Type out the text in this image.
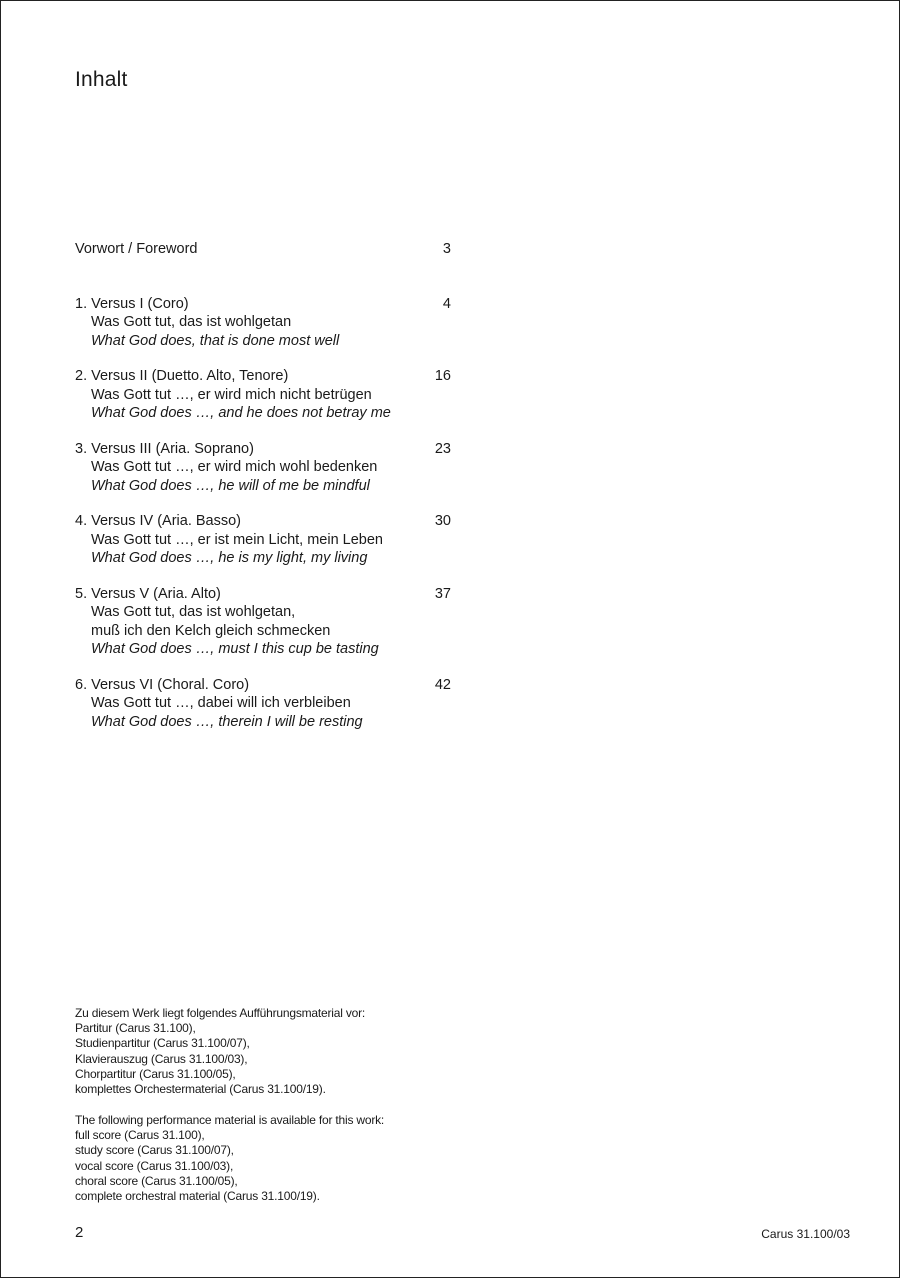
Inhalt
Vorwort / Foreword	3
1. Versus I (Coro)	4
Was Gott tut, das ist wohlgetan
What God does, that is done most well
2. Versus II (Duetto. Alto, Tenore)	16
Was Gott tut …, er wird mich nicht betrügen
What God does …, and he does not betray me
3. Versus III (Aria. Soprano)	23
Was Gott tut …, er wird mich wohl bedenken
What God does …, he will of me be mindful
4. Versus IV (Aria. Basso)	30
Was Gott tut …, er ist mein Licht, mein Leben
What God does …, he is my light, my living
5. Versus V (Aria. Alto)	37
Was Gott tut, das ist wohlgetan,
muß ich den Kelch gleich schmecken
What God does …, must I this cup be tasting
6. Versus VI (Choral. Coro)	42
Was Gott tut …, dabei will ich verbleiben
What God does …, therein I will be resting
Zu diesem Werk liegt folgendes Aufführungsmaterial vor:
Partitur (Carus 31.100),
Studienpartitur (Carus 31.100/07),
Klavierauszug (Carus 31.100/03),
Chorpartitur (Carus 31.100/05),
komplettes Orchestermaterial (Carus 31.100/19).
The following performance material is available for this work:
full score (Carus 31.100),
study score (Carus 31.100/07),
vocal score (Carus 31.100/03),
choral score (Carus 31.100/05),
complete orchestral material (Carus 31.100/19).
2	Carus 31.100/03
